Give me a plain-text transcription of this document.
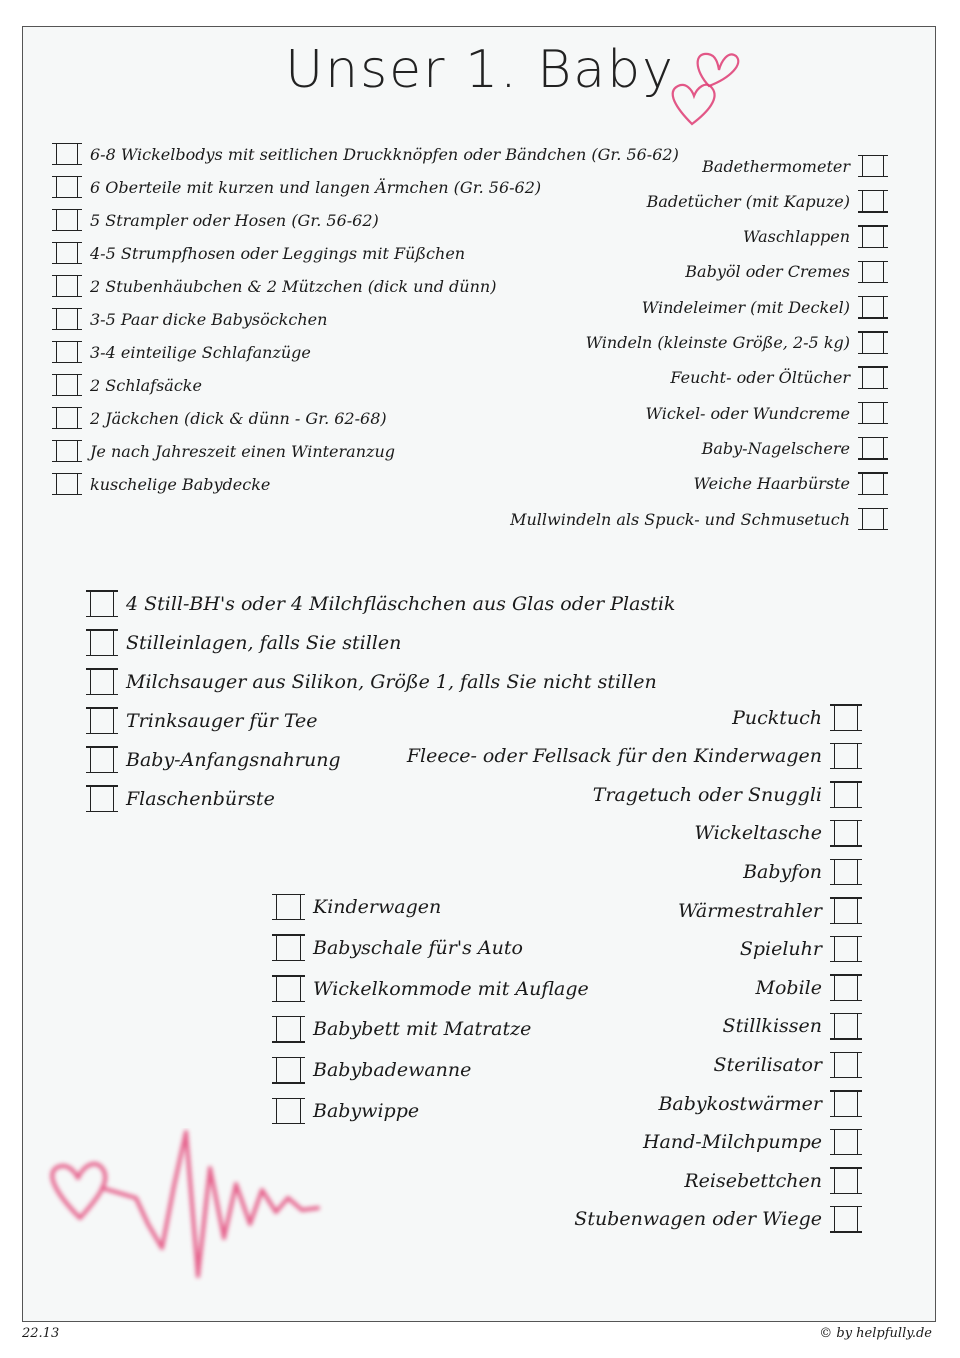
Unser 1. Baby
6-8 Wickelbodys mit seitlichen Druckknöpfen oder Bändchen (Gr. 56-62)
6 Oberteile mit kurzen und langen Ärmchen (Gr. 56-62)
5 Strampler oder Hosen (Gr. 56-62)
4-5 Strumpfhosen oder Leggings mit Füßchen
2 Stubenhäubchen & 2 Mützchen (dick und dünn)
3-5 Paar dicke Babysöckchen
3-4 einteilige Schlafanzüge
2 Schlafsäcke
2 Jäckchen (dick & dünn - Gr. 62-68)
Je nach Jahreszeit einen Winteranzug
kuschelige Babydecke
Badethermometer
Badetücher (mit Kapuze)
Waschlappen
Babyöl oder Cremes
Windeleimer (mit Deckel)
Windeln (kleinste Größe, 2-5 kg)
Feucht- oder Öltücher
Wickel- oder Wundcreme
Baby-Nagelschere
Weiche Haarbürste
Mullwindeln als Spuck- und Schmusetuch
4 Still-BH's oder 4 Milchfläschchen aus Glas oder Plastik
Stilleinlagen, falls Sie stillen
Milchsauger aus Silikon, Größe 1, falls Sie nicht stillen
Trinksauger für Tee
Baby-Anfangsnahrung
Flaschenbürste
Pucktuch
Fleece- oder Fellsack für den Kinderwagen
Tragetuch oder Snuggli
Wickeltasche
Babyfon
Wärmestrahler
Spieluhr
Mobile
Stillkissen
Sterilisator
Babykostwärmer
Hand-Milchpumpe
Reisebettchen
Stubenwagen oder Wiege
Kinderwagen
Babyschale für's Auto
Wickelkommode mit Auflage
Babybett mit Matratze
Babybadewanne
Babywippe
22.13	© by helpfully.de
